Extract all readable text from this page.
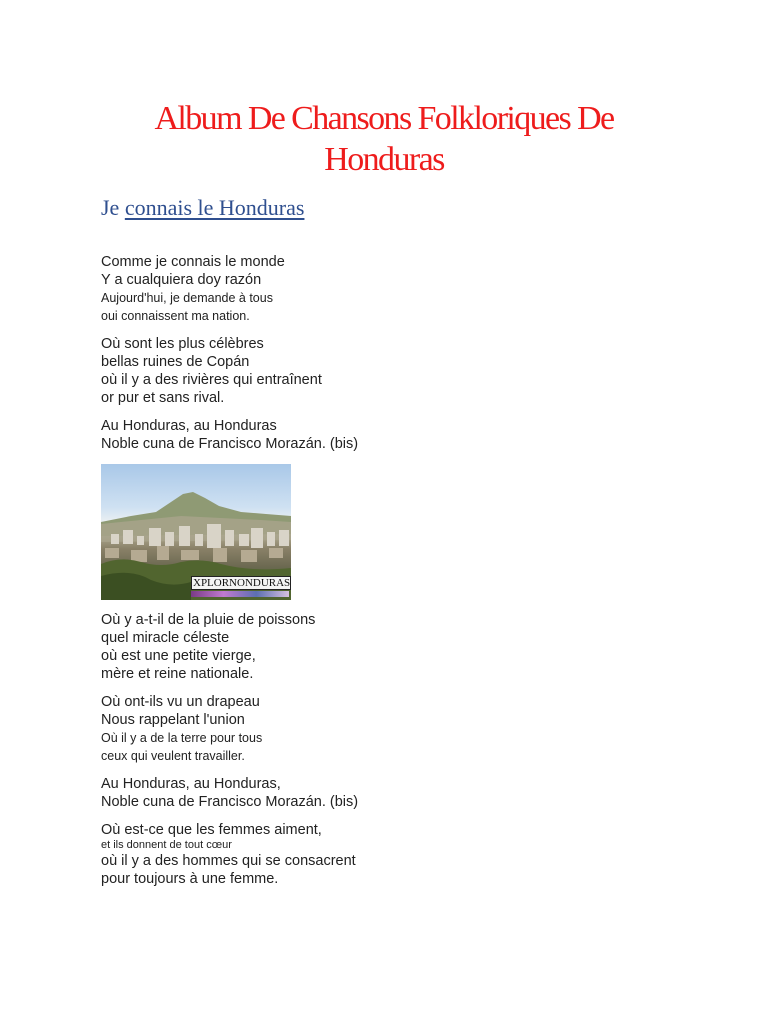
Album De Chansons Folkloriques De
Honduras
Je connais le Honduras
Comme je connais le monde
Y a cualquiera doy razón
Aujourd'hui, je demande à tous
oui connaissent ma nation.
Où sont les plus célèbres
bellas ruines de Copán
où il y a des rivières qui entraînent
or pur et sans rival.
Au Honduras, au Honduras
Noble cuna de Francisco Morazán. (bis)
XPLORNONDURAS
Où y a-t-il de la pluie de poissons
quel miracle céleste
où est une petite vierge,
mère et reine nationale.
Où ont-ils vu un drapeau
Nous rappelant l'union
Où il y a de la terre pour tous
ceux qui veulent travailler.
Au Honduras, au Honduras,
Noble cuna de Francisco Morazán. (bis)
Où est-ce que les femmes aiment,
et ils donnent de tout cœur
où il y a des hommes qui se consacrent
pour toujours à une femme.
